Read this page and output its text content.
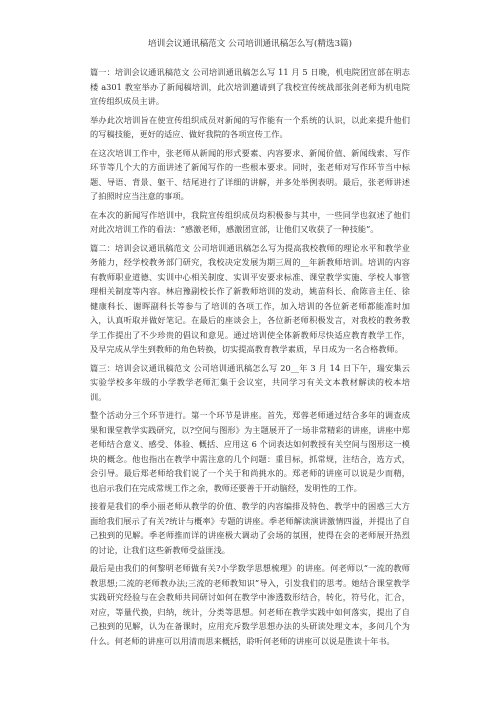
培训会议通讯稿范文 公司培训通讯稿怎么写(精选3篇)

篇一：培训会议通讯稿范文 公司培训通讯稿怎么写 11 月 5 日晚，机电院团宣部在明志楼 a301 教室举办了新闻稿培训，此次培训邀请到了我校宣传统战部张剑老师为机电院宣传组织成员主讲。

举办此次培训旨在使宣传组织成员对新闻的写作能有一个系统的认识，以此来提升他们的写稿技能，更好的适应、做好我院的各项宣传工作。

在这次培训工作中，张老师从新闻的形式要素、内容要求、新闻价值、新闻线索、写作环节等几个大的方面讲述了新闻写作的一些根本要求。同时，张老师对写作环节当中标题、导语、背景、躯干、结尾进行了详细的讲解，并多处举例表明。最后，张老师讲述了拍照时应当注意的事项。

在本次的新闻写作培训中，我院宣传组织成员均积极参与其中，一些同学也叙述了他们对此次培训工作的看法：“感激老师，感激团宣部，让他们又收获了一种技能”。

篇二：培训会议通讯稿范文 公司培训通讯稿怎么写为提高我校教师的理论水平和教学业务能力，经学校教务部门研究，我校决定发展为期三周的__年新教师培训。培训的内容有教师职业道德、实训中心相关制度、实训平安要求标准、课堂教学实施、学校人事管理相关制度等内容。林启豫副校长作了新教师培训的发动，姚苗科长、俞陈音主任、徐健康科长、谢晖副科长等参与了培训的各项工作，加入培训的各位新老师都能准时加入，认真听取并做好笔记。在最后的座谈会上，各位新老师积极发言，对我校的教务教学工作提出了不少珍贵的倡议和意见。通过培训使全体新教师尽快适应教育教学工作，及早完成从学生到教师的角色转换，切实提高教育教学素质，早日成为一名合格教师。

篇三：培训会议通讯稿范文 公司培训通讯稿怎么写 20__年 3 月 14 日下午，瑞安集云实验学校多年级的小学教学老师汇集于会议室，共同学习有关文本教材解读的校本培训。

整个活动分三个环节进行。第一个环节是讲座。首先，郑蓉老师通过结合多年的调查成果和课堂教学实践研究，以?空间与图形》为主题展开了一场非常精彩的讲座，讲座中郑老师结合意义、感受、体验、概括、应用这 6 个词表达如何教授有关空间与图形这一模块的概念。他也指出在教学中需注意的几个问题：重目标，抓常规，注结合，选方式，会引导。最后郑老师给我们说了一个关于和尚挑水的。郑老师的讲座可以说是少而精，也启示我们在完成常规工作之余，教师还要善于开动脑经，发明性的工作。

接着是我们的季小丽老师从教学的价值、教学的内容编排及特色、教学中的困惑三大方面给我们展示了有关?统计与概率》专题的讲座。季老师解读演讲激情四溢，并提出了自己独到的见解。季老师推而详的讲座极大调动了会场的氛围，使得在会的老师展开热烈的讨论，让我们这些新教师受益匪浅。

最后是由我们的何黎明老师做有关?小学数学思想梳理》的讲座。何老师以“一流的教师教思想;二流的老师教办法;三流的老师教知识”导入，引发我们的思考。她结合课堂教学实践研究经验与在会教师共同研讨如何在教学中渗透数形结合，转化，符号化，汇合，对应，等量代换，归纳，统计，分类等思想。何老师在教学实践中如何落实，提出了自己独到的见解，认为在备课时，应用充斥数学思想办法的头研读处理文本，多问几个为什么。何老师的讲座可以用清而思来概括，聆听何老师的讲座可以说是胜读十年书。
